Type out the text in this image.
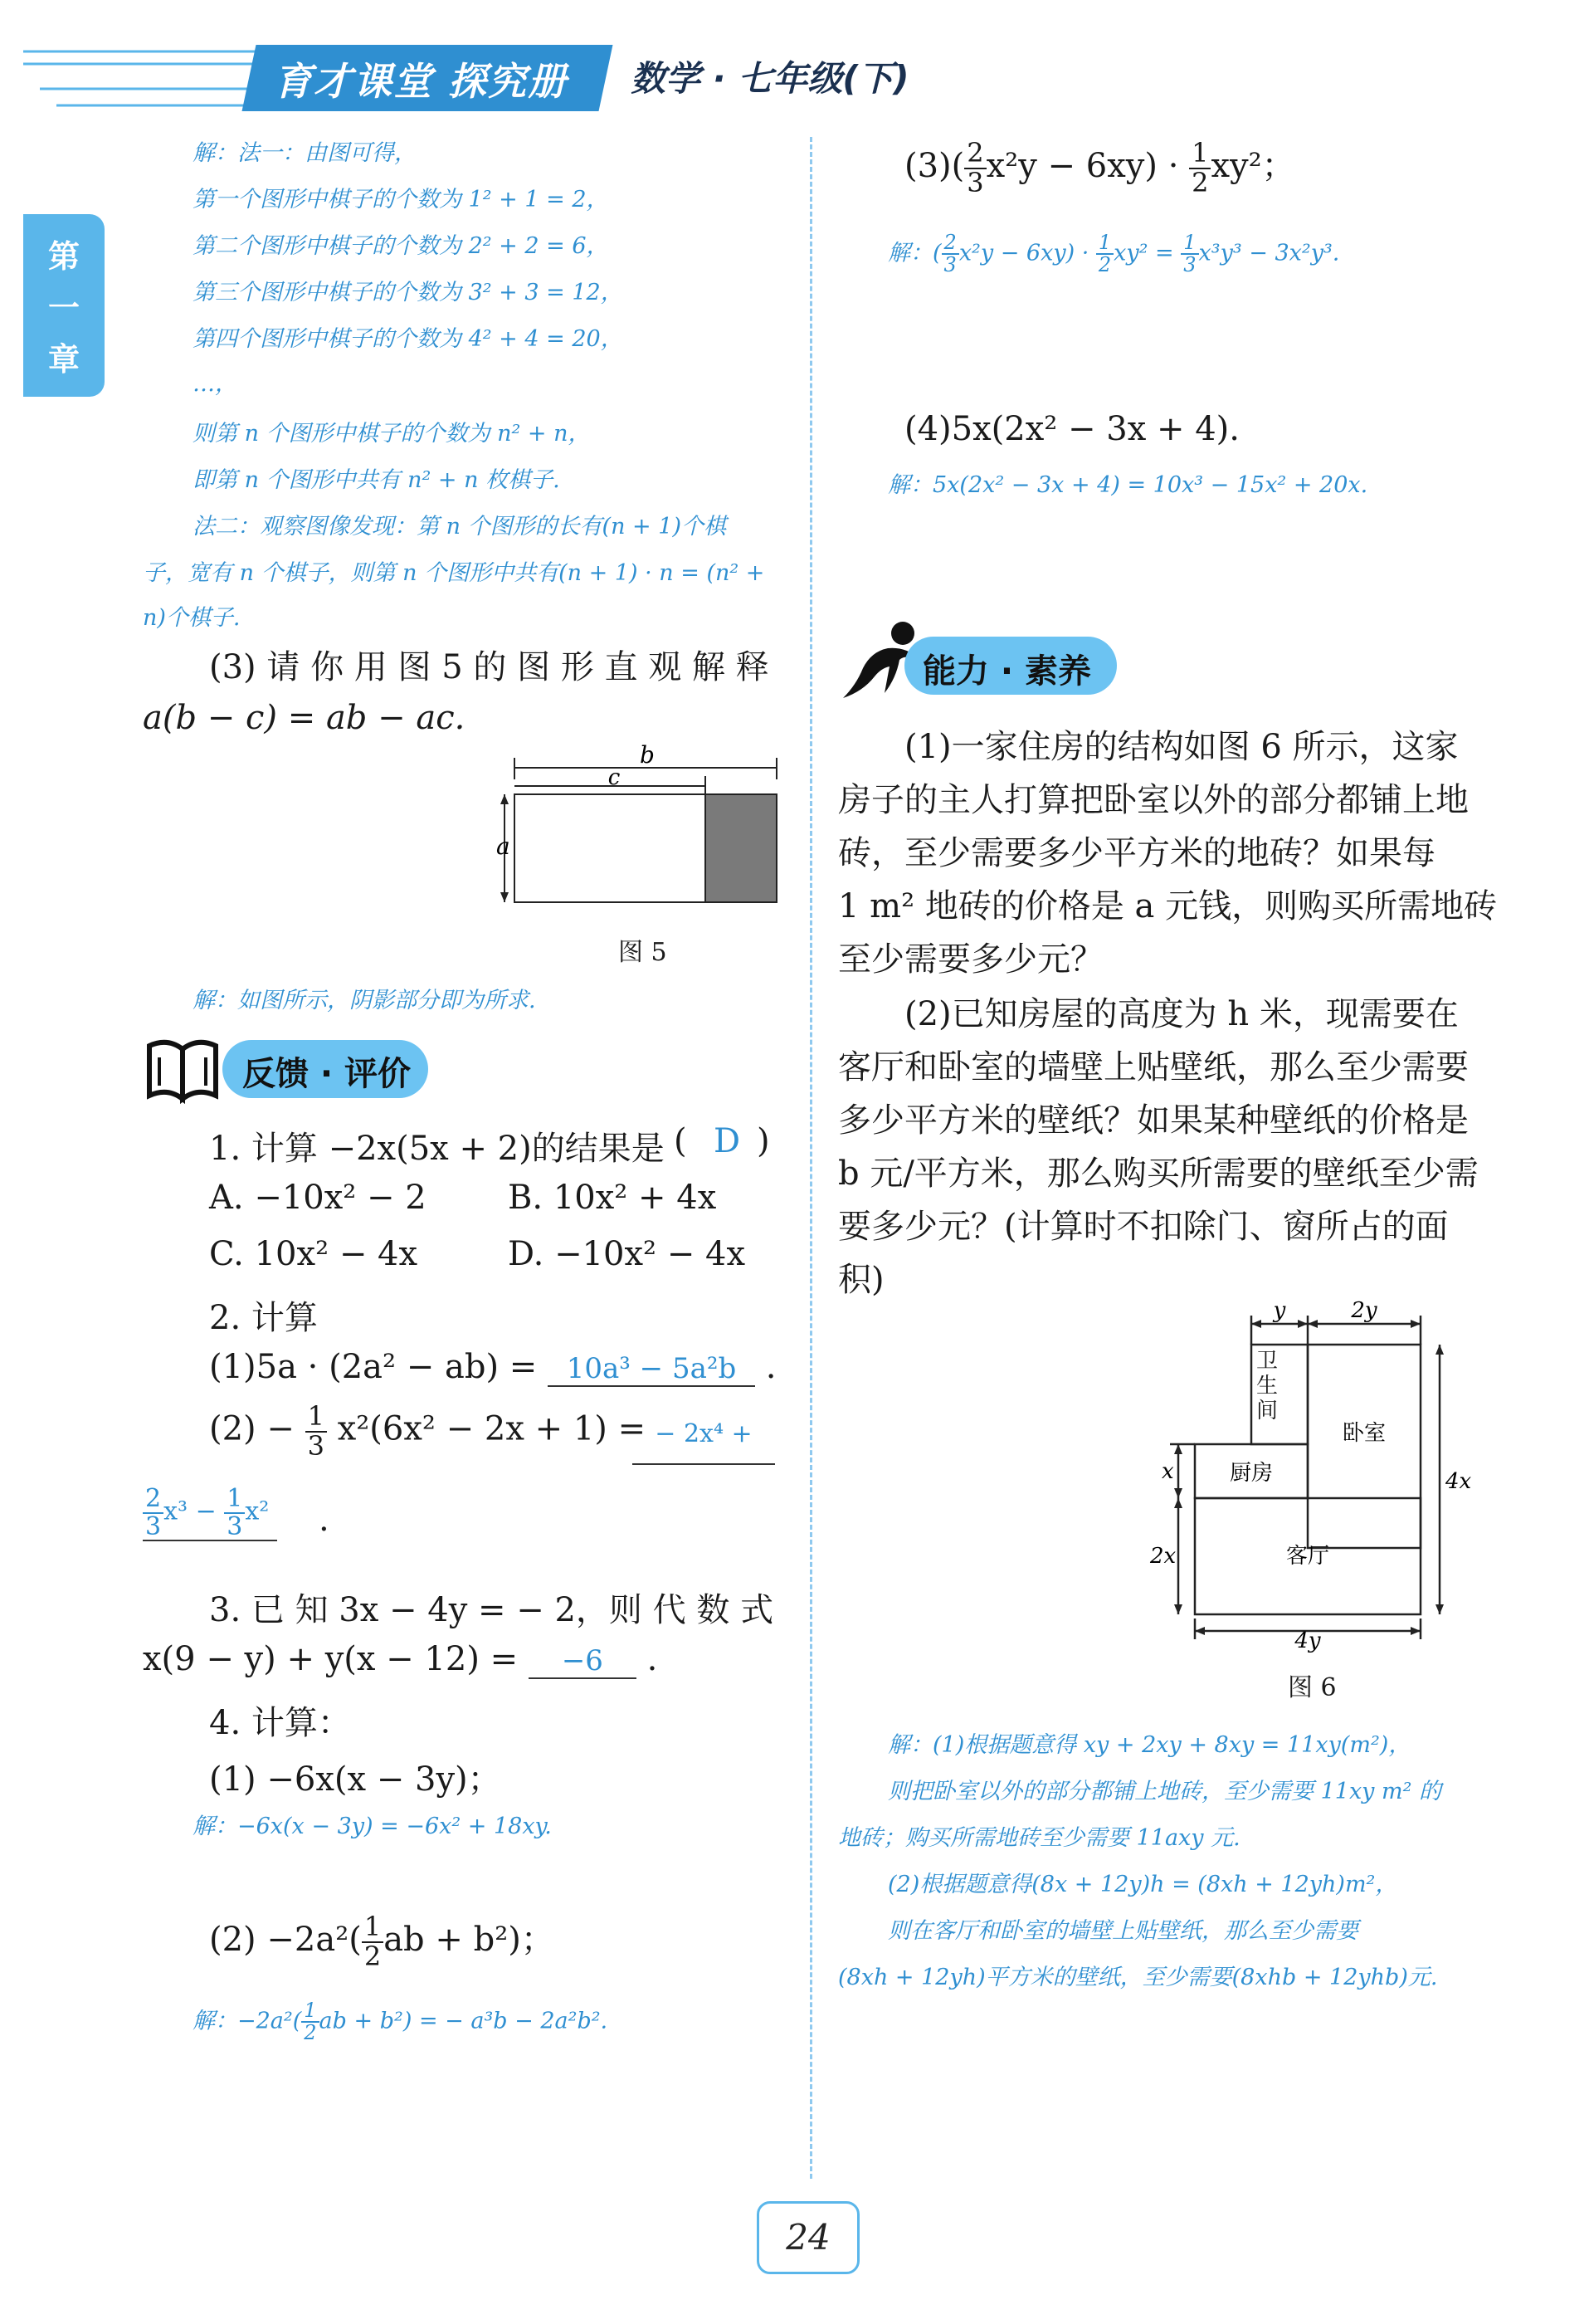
育才课堂 探究册 数学 · 七年级(下)
第一章
解：法一：由图可得，
第一个图形中棋子的个数为 1² + 1 = 2，
第二个图形中棋子的个数为 2² + 2 = 6，
第三个图形中棋子的个数为 3² + 3 = 12，
第四个图形中棋子的个数为 4² + 4 = 20，
…，
则第 n 个图形中棋子的个数为 n² + n，
即第 n 个图形中共有 n² + n 枚棋子.
法二：观察图像发现：第 n 个图形的长有(n + 1)个棋
子，宽有 n 个棋子，则第 n 个图形中共有(n + 1) · n = (n² +
n)个棋子.
(3) 请 你 用 图 5 的 图 形 直 观 解 释
a(b − c) = ab − ac.
b
c
a
图 5
解：如图所示，阴影部分即为所求.
反馈 · 评价
1. 计算 −2x(5x + 2)的结果是 ( D )
A. −10x² − 2 B. 10x² + 4x
C. 10x² − 4x	D. −10x² − 4x
2. 计算
(1)5a · (2a² − ab) = 10a³ − 5a²b .
$(2) - \frac{1}{3} x^2(6x^2 - 2x + 1)$ = − 2x⁴ +
$\frac{2}{3} x^3 - \frac{1}{3} x^2$ .
3. 已 知 3x − 4y = − 2，则 代 数 式
x(9 − y) + y(x − 12) = −6 .
4. 计算：
(1) −6x(x − 3y)；
解：−6x(x − 3y) = −6x² + 18xy.
$(2) -2a^2( \frac{1}{2}$ ab + b²)；
解：$-2a^2( \frac{1}{2}$ ab + b²) = − a³b − 2a²b².
$(3)( \frac{2}{3} x^2y - 6xy) \cdot \frac{1}{2} xy^2$；
解：( $\frac{2}{3} x^2y - 6xy) \cdot \frac{1}{2} xy^2 = \frac{1}{3} x^3y^3 - 3x^2y^3$.
(4)5x(2x² − 3x + 4).
解：5x(2x² − 3x + 4) = 10x³ − 15x² + 20x.
能力 · 素养
(1)一家住房的结构如图 6 所示，这家
房子的主人打算把卧室以外的部分都铺上地
砖，至少需要多少平方米的地砖？如果每
1 m² 地砖的价格是 a 元钱，则购买所需地砖
至少需要多少元？
(2)已知房屋的高度为 h 米，现需要在
客厅和卧室的墙壁上贴壁纸，那么至少需要
多少平方米的壁纸？如果某种壁纸的价格是
b 元/平方米，那么购买所需要的壁纸至少需
要多少元？(计算时不扣除门、窗所占的面
积)
y	2y
x
2x
4x
4y
卧室
厨房
客厅
卫生间
图 6
解：(1)根据题意得 xy + 2xy + 8xy = 11xy(m²)，
则把卧室以外的部分都铺上地砖，至少需要 11xy m² 的
地砖；购买所需地砖至少需要 11axy 元.
(2)根据题意得(8x + 12y)h = (8xh + 12yh)m²，
则在客厅和卧室的墙壁上贴壁纸，那么至少需要
(8xh + 12yh)平方米的壁纸，至少需要(8xhb + 12yhb)元.
24
